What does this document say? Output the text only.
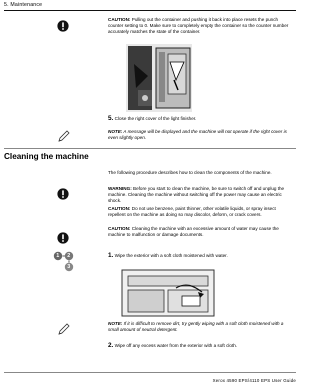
5. Maintenance
CAUTION: Pulling out the container and pushing it back into place resets the punch counter setting to 0. Make sure to completely empty the container so the counter number accurately matches the state of the container.
5. Close the right cover of the light finisher.
NOTE: A message will be displayed and the machine will not operate if the right cover is even slightly open.
Cleaning the machine
The following procedure describes how to clean the components of the machine.
WARNING: Before you start to clean the machine, be sure to switch off and unplug the machine. Cleaning the machine without switching off the power may cause an electric shock.
CAUTION: Do not use benzene, paint thinner, other volatile liquids, or spray insect repellent on the machine as doing so may discolor, deform, or crack covers.
CAUTION: Cleaning the machine with an excessive amount of water may cause the machine to malfunction or damage documents.
1 2
3
1. Wipe the exterior with a soft cloth moistened with water.
NOTE: If it is difficult to remove dirt, try gently wiping with a soft cloth moistened with a small amount of neutral detergent.
2. Wipe off any excess water from the exterior with a soft cloth.
Xerox 4590 EPS/4110 EPS User Guide
